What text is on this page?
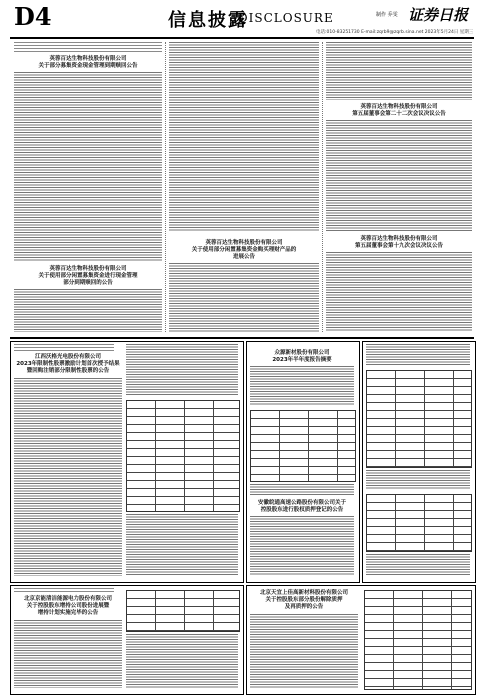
D4	信息披露
DISCLOSURE	制作 乔雯 证券日报
电话:010-83251730 E-mail:zqrb9@zqrb.sina.net 2023年5月24日 星期三
英蓉百达生物科技股份有限公司
关于部分募集资金现金管理到期赎回公告
英蓉百达生物科技股份有限公司
关于使用部分闲置募集资金进行现金管理
部分到期赎回的公告
英蓉百达生物科技股份有限公司
关于使用部分闲置募集资金购买理财产品的
进展公告
英蓉百达生物科技股份有限公司
第五届董事会第二十二次会议决议公告
英蓉百达生物科技股份有限公司
第五届董事会第十九次会议决议公告
江西沃格光电股份有限公司
2023年限制性股票激励计划首次授予结果
暨回购注销部分限制性股票的公告
众源新材股份有限公司
2023年半年度报告摘要
安徽皖通高速公路股份有限公司关于
控股股东进行股权质押登记的公告
北京京能清洁能源电力股份有限公司
关于控股股东增持公司股份进展暨
增持计划实施完毕的公告
北京天宜上佳高新材料股份有限公司
关于控股股东部分股份解除质押
及再质押的公告
